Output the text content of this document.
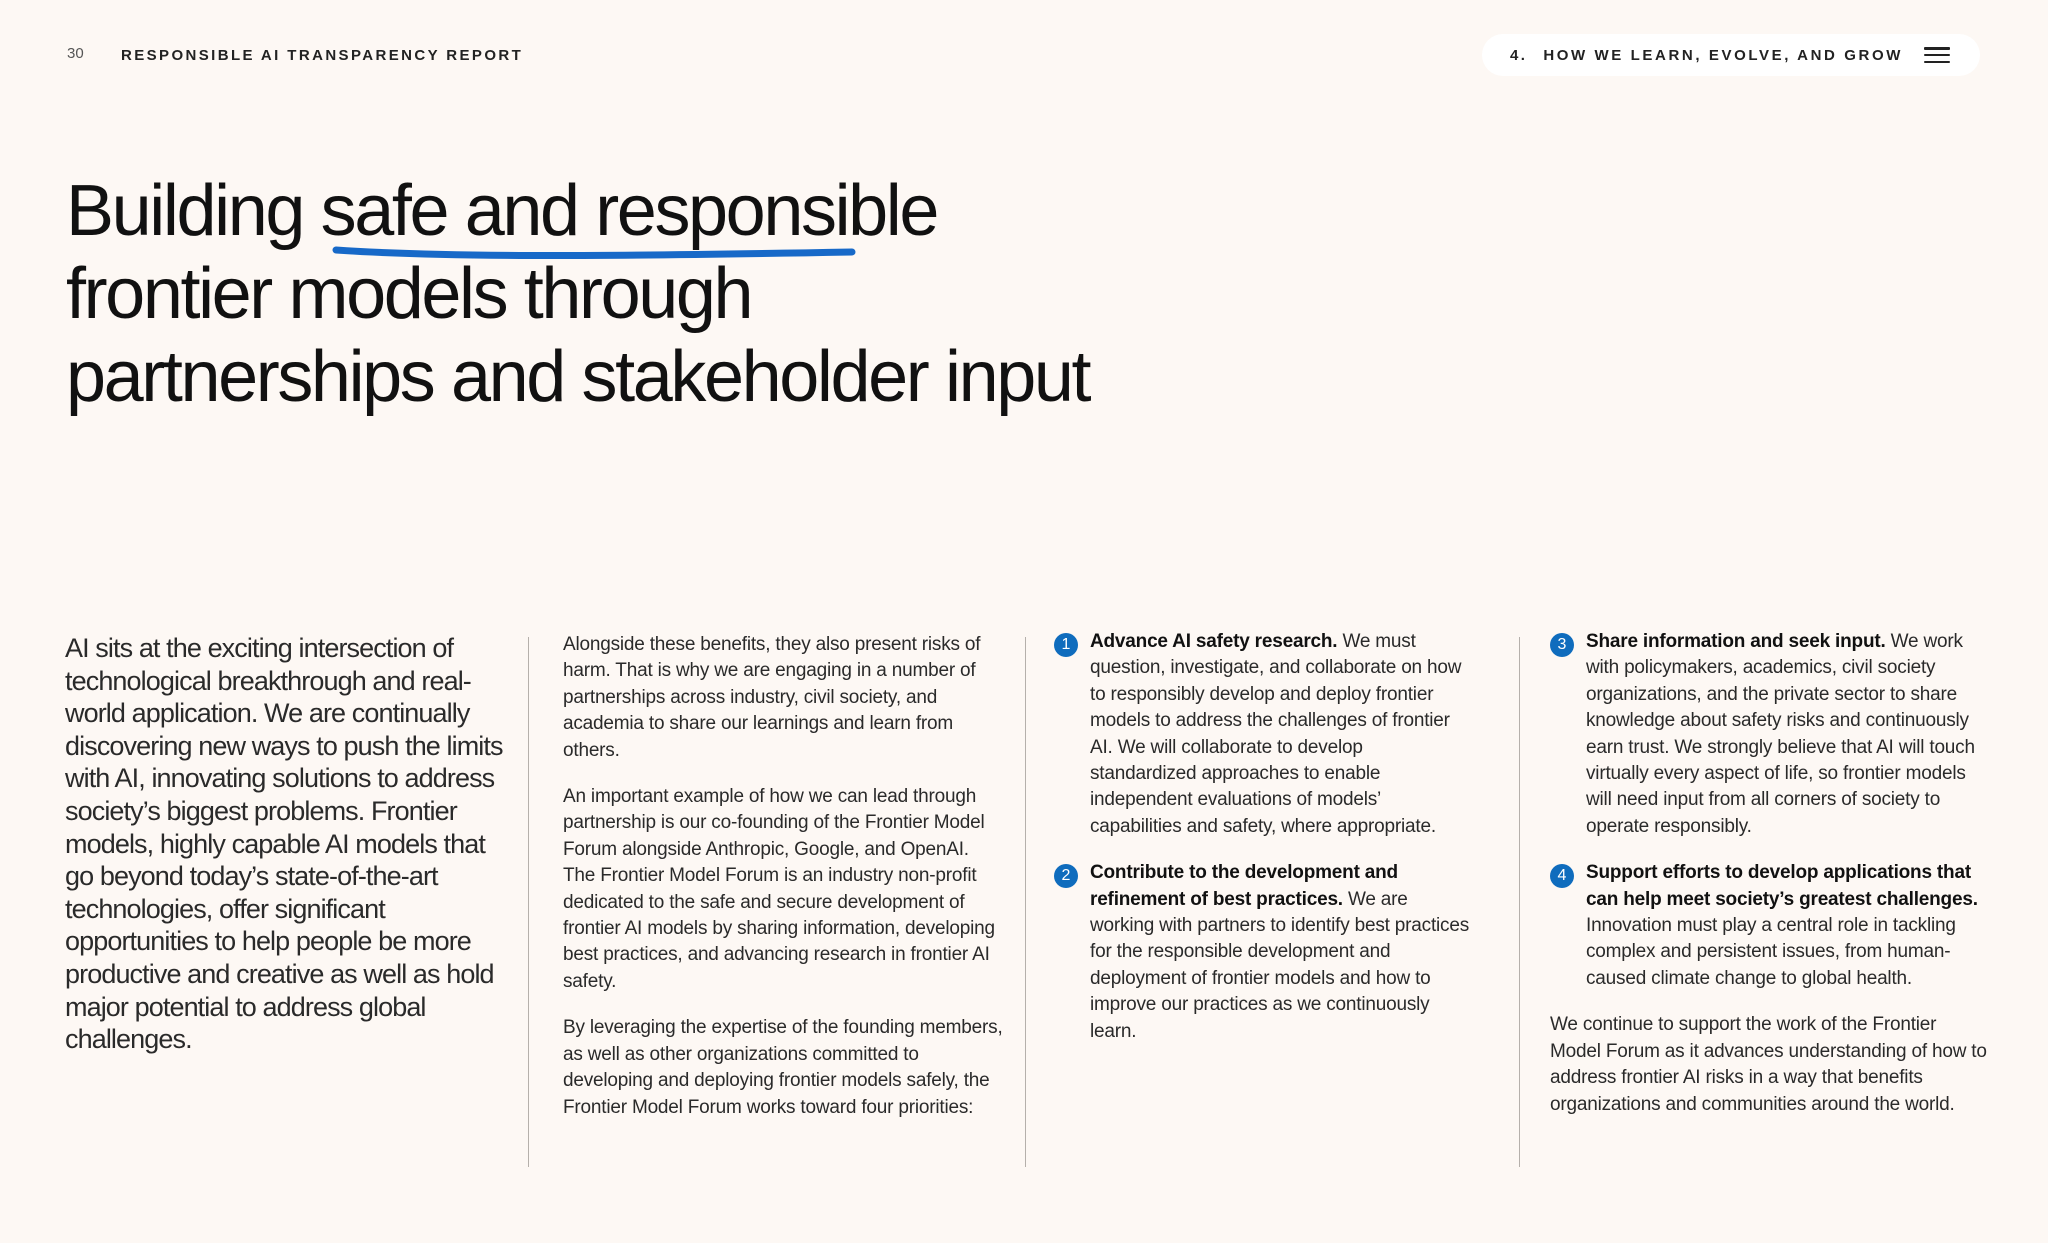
30 RESPONSIBLE AI TRANSPARENCY REPORT	4. HOW WE LEARN, EVOLVE, AND GROW
Building safe and responsible
frontier models through
partnerships and stakeholder input
AI sits at the exciting intersection of technological breakthrough and real-world application. We are continually discovering new ways to push the limits with AI, innovating solutions to address society’s biggest problems. Frontier models, highly capable AI models that go beyond today’s state-of-the-art technologies, offer significant opportunities to help people be more productive and creative as well as hold major potential to address global challenges.

Alongside these benefits, they also present risks of harm. That is why we are engaging in a number of partnerships across industry, civil society, and academia to share our learnings and learn from others.

An important example of how we can lead through partnership is our co-founding of the Frontier Model Forum alongside Anthropic, Google, and OpenAI. The Frontier Model Forum is an industry non-profit dedicated to the safe and secure development of frontier AI models by sharing information, developing best practices, and advancing research in frontier AI safety.

By leveraging the expertise of the founding members, as well as other organizations committed to developing and deploying frontier models safely, the Frontier Model Forum works toward four priorities:

1	Advance AI safety research. We must question, investigate, and collaborate on how to responsibly develop and deploy frontier models to address the challenges of frontier AI. We will collaborate to develop standardized approaches to enable independent evaluations of models’ capabilities and safety, where appropriate.

2	Contribute to the development and refinement of best practices. We are working with partners to identify best practices for the responsible development and deployment of frontier models and how to improve our practices as we continuously learn.

3	Share information and seek input. We work with policymakers, academics, civil society organizations, and the private sector to share knowledge about safety risks and continuously earn trust. We strongly believe that AI will touch virtually every aspect of life, so frontier models will need input from all corners of society to operate responsibly.

4	Support efforts to develop applications that can help meet society’s greatest challenges. Innovation must play a central role in tackling complex and persistent issues, from human-caused climate change to global health.

We continue to support the work of the Frontier Model Forum as it advances understanding of how to address frontier AI risks in a way that benefits organizations and communities around the world.
